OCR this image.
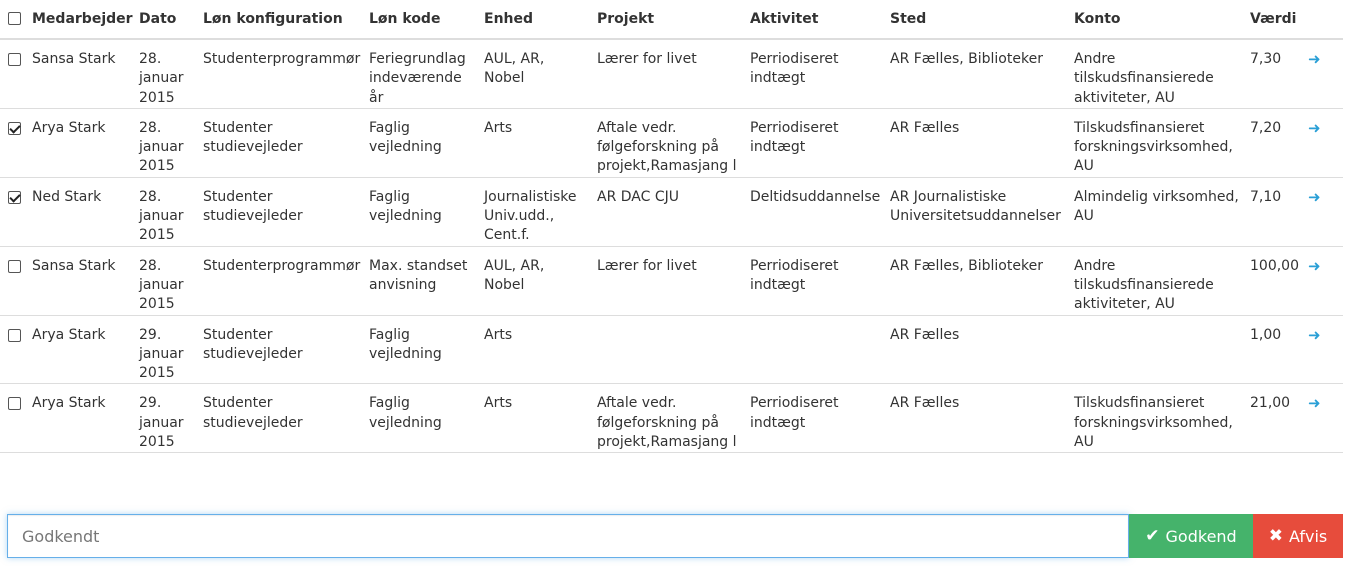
	Medarbejder	Dato	Løn konfiguration	Løn kode	Enhed	Projekt	Aktivitet	Sted	Konto	Værdi	
	Sansa Stark	28. januar 2015	Studenterprogrammør	Feriegrundlag indeværende år	AUL, AR, Nobel	Lærer for livet	Perriodiseret indtægt	AR Fælles, Biblioteker	Andre tilskudsfinansierede aktiviteter, AU	7,30	➜
	Arya Stark	28. januar 2015	Studenter studievejleder	Faglig vejledning	Arts	Aftale vedr. følgeforskning på projekt,Ramasjang l	Perriodiseret indtægt	AR Fælles	Tilskudsfinansieret forskningsvirksomhed, AU	7,20	➜
	Ned Stark	28. januar 2015	Studenter studievejleder	Faglig vejledning	Journalistiske Univ.udd., Cent.f.	AR DAC CJU	Deltidsuddannelse	AR Journalistiske Universitetsuddannelser	Almindelig virksomhed, AU	7,10	➜
	Sansa Stark	28. januar 2015	Studenterprogrammør	Max. standset anvisning	AUL, AR, Nobel	Lærer for livet	Perriodiseret indtægt	AR Fælles, Biblioteker	Andre tilskudsfinansierede aktiviteter, AU	100,00	➜
	Arya Stark	29. januar 2015	Studenter studievejleder	Faglig vejledning	Arts			AR Fælles		1,00	➜
	Arya Stark	29. januar 2015	Studenter studievejleder	Faglig vejledning	Arts	Aftale vedr. følgeforskning på projekt,Ramasjang l	Perriodiseret indtægt	AR Fælles	Tilskudsfinansieret forskningsvirksomhed, AU	21,00	➜
Godkendt
✔ Godkend ✖ Afvis
